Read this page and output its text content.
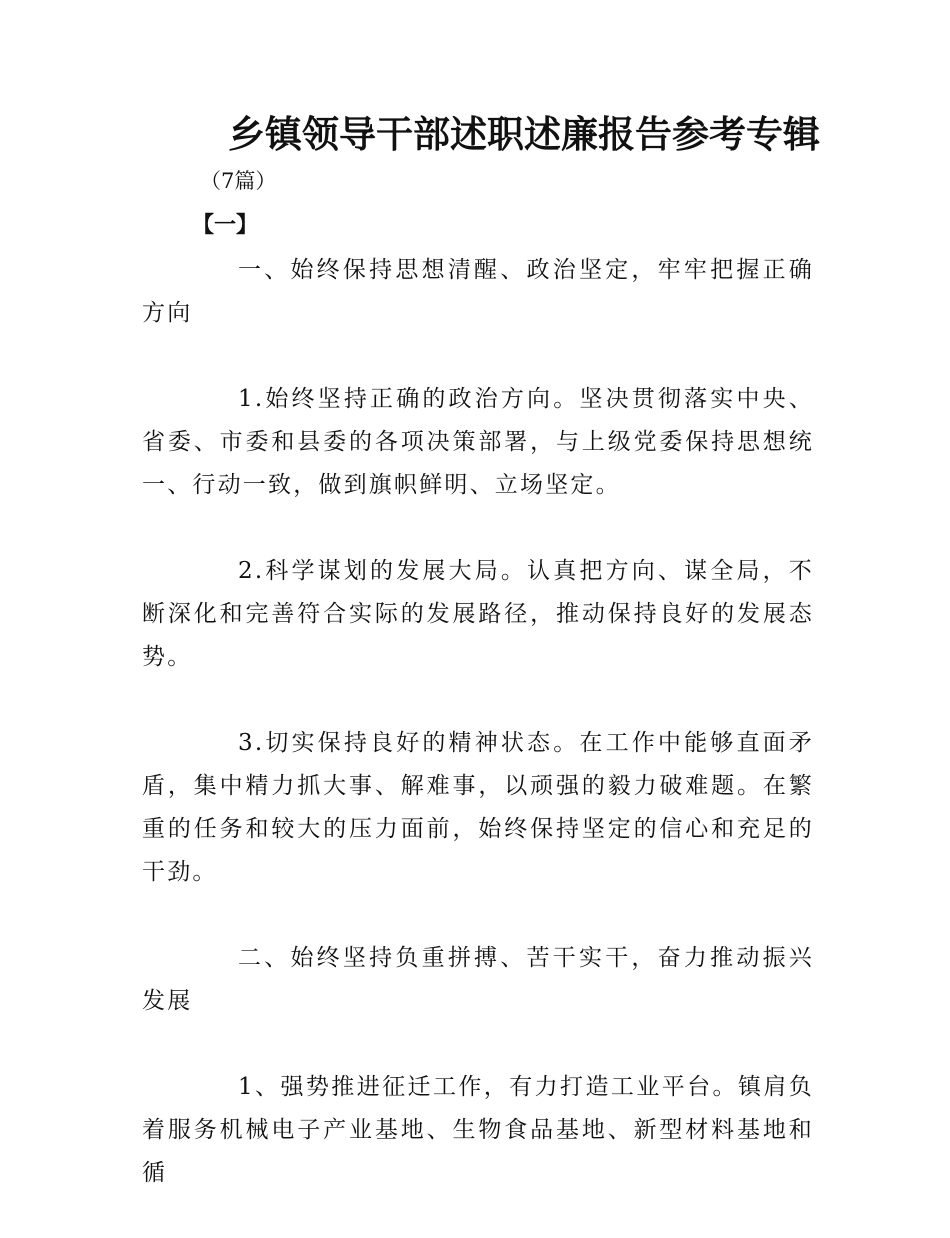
乡镇领导干部述职述廉报告参考专辑
（7篇）
【一】

一、始终保持思想清醒、政治坚定，牢牢把握正确方向

1.始终坚持正确的政治方向。坚决贯彻落实中央、省委、市委和县委的各项决策部署，与上级党委保持思想统一、行动一致，做到旗帜鲜明、立场坚定。

2.科学谋划的发展大局。认真把方向、谋全局，不断深化和完善符合实际的发展路径，推动保持良好的发展态势。

3.切实保持良好的精神状态。在工作中能够直面矛盾，集中精力抓大事、解难事，以顽强的毅力破难题。在繁重的任务和较大的压力面前，始终保持坚定的信心和充足的干劲。

二、始终坚持负重拼搏、苦干实干，奋力推动振兴发展

1、强势推进征迁工作，有力打造工业平台。镇肩负着服务机械电子产业基地、生物食品基地、新型材料基地和循
